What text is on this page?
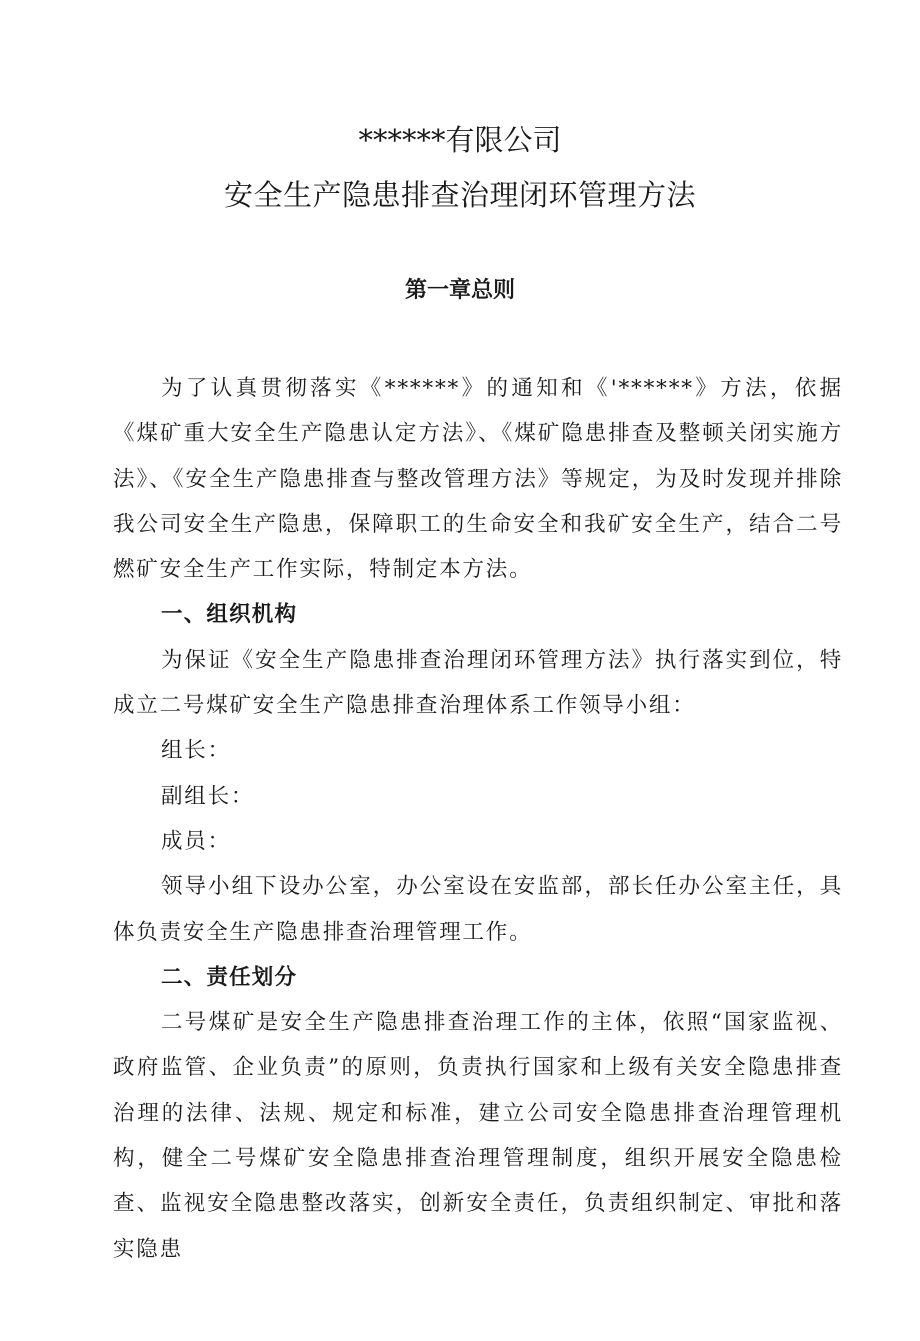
******有限公司
安全生产隐患排查治理闭环管理方法
第一章总则

为了认真贯彻落实《******》的通知和《'******》方法，依据《煤矿重大安全生产隐患认定方法》、《煤矿隐患排查及整顿关闭实施方法》、《安全生产隐患排查与整改管理方法》等规定，为及时发现并排除我公司安全生产隐患，保障职工的生命安全和我矿安全生产，结合二号燃矿安全生产工作实际，特制定本方法。

一、组织机构

为保证《安全生产隐患排查治理闭环管理方法》执行落实到位，特成立二号煤矿安全生产隐患排查治理体系工作领导小组：

组长：

副组长：

成员：

领导小组下设办公室，办公室设在安监部，部长任办公室主任，具体负责安全生产隐患排查治理管理工作。

二、责任划分

二号煤矿是安全生产隐患排查治理工作的主体，依照“国家监视、政府监管、企业负责”的原则，负责执行国家和上级有关安全隐患排查治理的法律、法规、规定和标准，建立公司安全隐患排查治理管理机构，健全二号煤矿安全隐患排查治理管理制度，组织开展安全隐患检查、监视安全隐患整改落实，创新安全责任，负责组织制定、审批和落实隐患
